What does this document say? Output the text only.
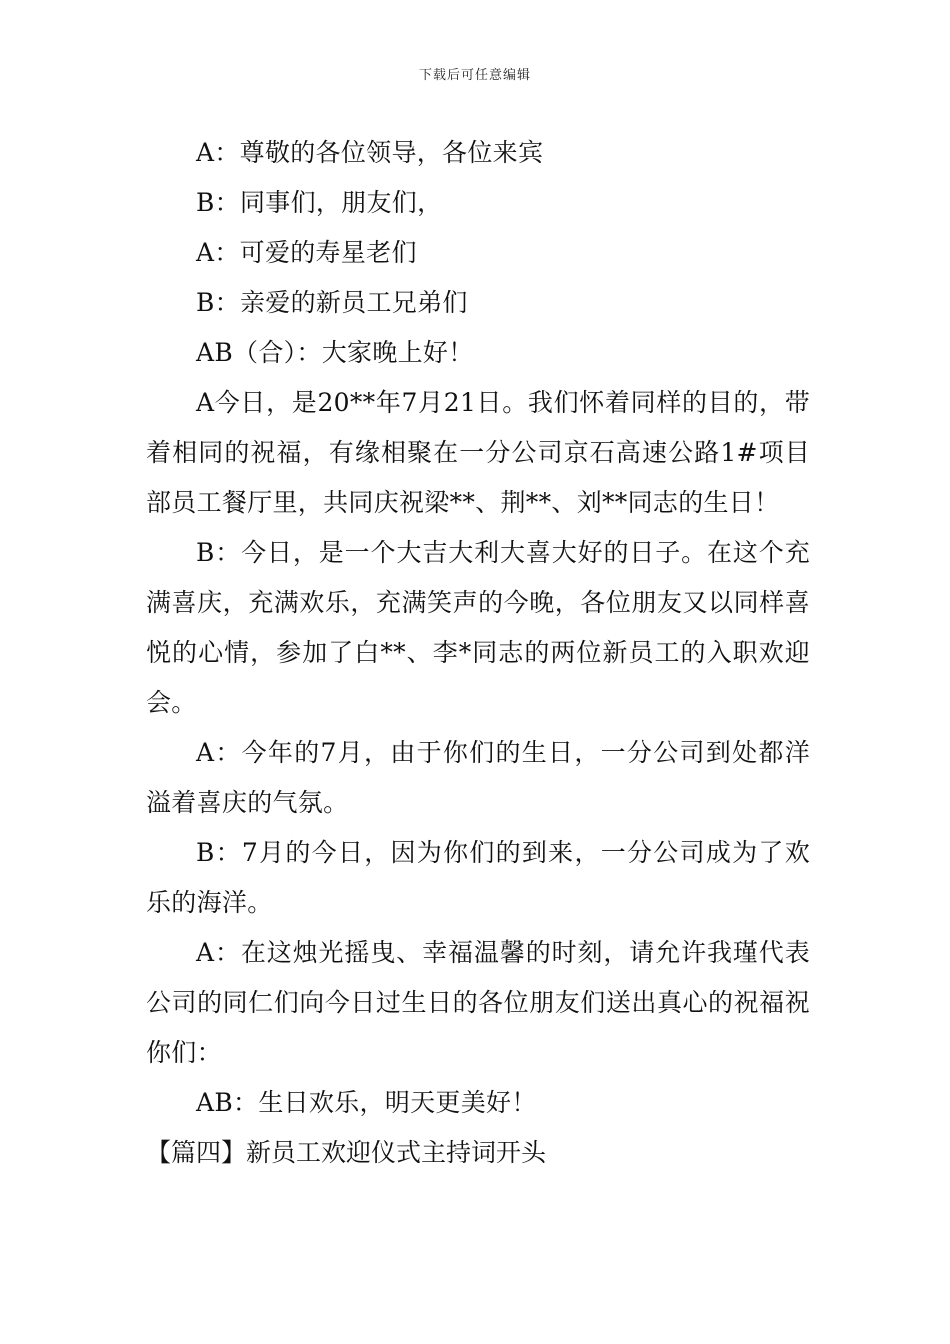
下载后可任意编辑

A：尊敬的各位领导，各位来宾

B：同事们，朋友们，

A：可爱的寿星老们

B：亲爱的新员工兄弟们

AB（合）：大家晚上好！

A今日，是20**年7月21日。我们怀着同样的目的，带着相同的祝福，有缘相聚在一分公司京石高速公路1#项目部员工餐厅里，共同庆祝梁**、荆**、刘**同志的生日！

B：今日，是一个大吉大利大喜大好的日子。在这个充满喜庆，充满欢乐，充满笑声的今晚，各位朋友又以同样喜悦的心情，参加了白**、李*同志的两位新员工的入职欢迎会。

A：今年的7月，由于你们的生日，一分公司到处都洋溢着喜庆的气氛。

B：7月的今日，因为你们的到来，一分公司成为了欢乐的海洋。

A：在这烛光摇曳、幸福温馨的时刻，请允许我瑾代表公司的同仁们向今日过生日的各位朋友们送出真心的祝福祝你们：

AB：生日欢乐，明天更美好！

【篇四】新员工欢迎仪式主持词开头
